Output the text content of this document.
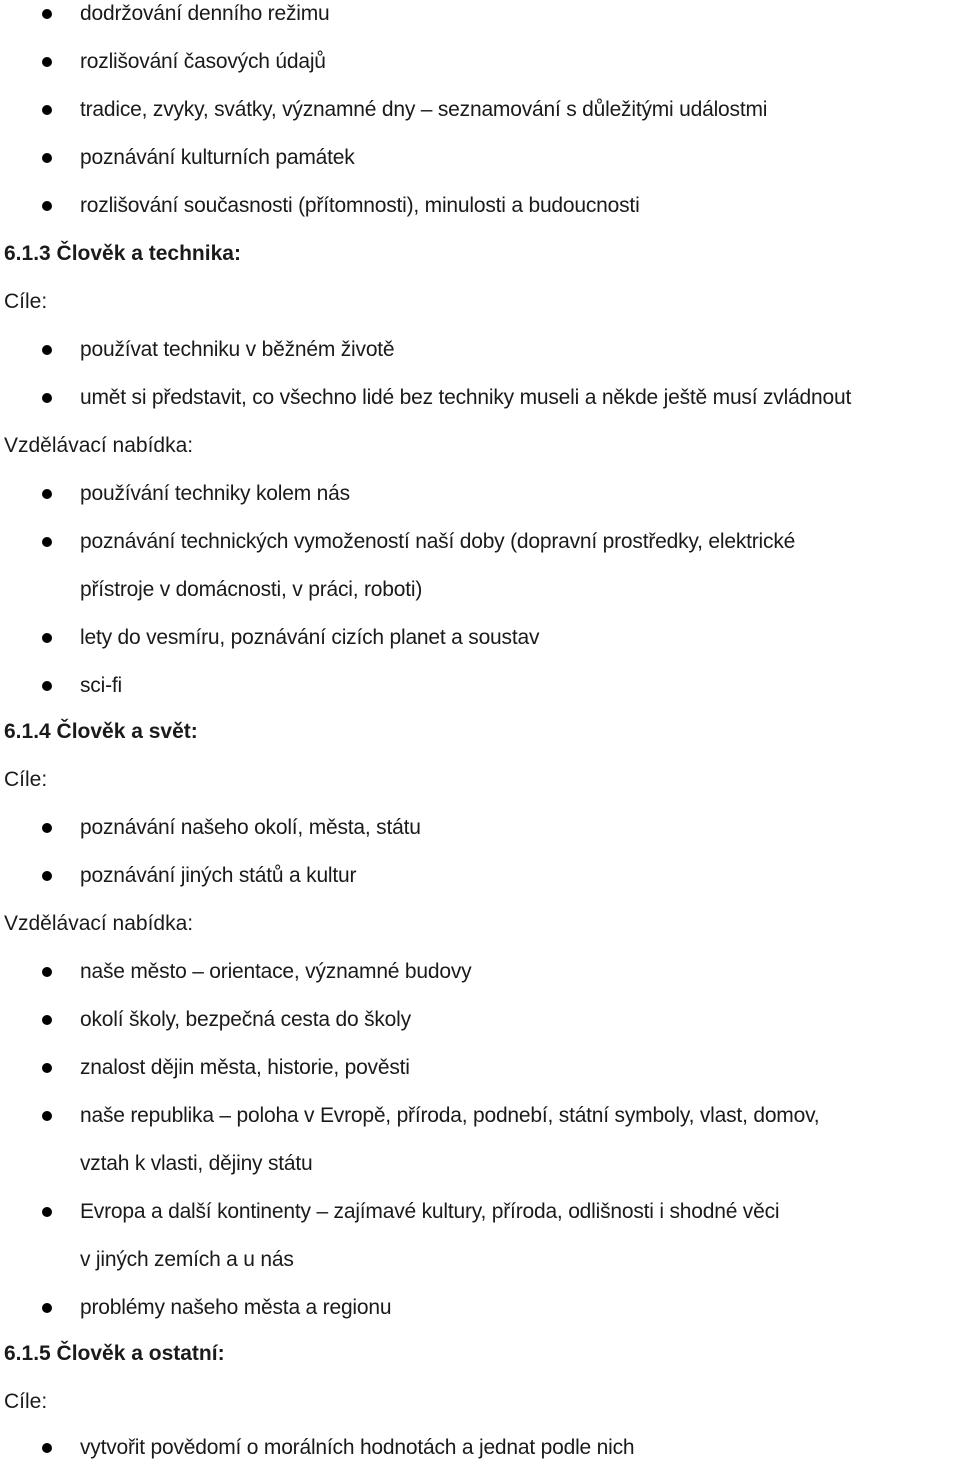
dodržování denního režimu
rozlišování časových údajů
tradice, zvyky, svátky, významné dny – seznamování s důležitými událostmi
poznávání kulturních památek
rozlišování současnosti (přítomnosti), minulosti a budoucnosti
6.1.3 Člověk a technika:
Cíle:
používat techniku v běžném životě
umět si představit, co všechno lidé bez techniky museli a někde ještě musí zvládnout
Vzdělávací nabídka:
používání techniky kolem nás
poznávání technických vymožeností naší doby (dopravní prostředky, elektrické
přístroje v domácnosti, v práci, roboti)
lety do vesmíru, poznávání cizích planet a soustav
sci-fi
6.1.4 Člověk a svět:
Cíle:
poznávání našeho okolí, města, státu
poznávání jiných států a kultur
Vzdělávací nabídka:
naše město – orientace, významné budovy
okolí školy, bezpečná cesta do školy
znalost dějin města, historie, pověsti
naše republika – poloha v Evropě, příroda, podnebí, státní symboly, vlast, domov,
vztah k vlasti, dějiny státu
Evropa a další kontinenty – zajímavé kultury, příroda, odlišnosti i shodné věci
v jiných zemích a u nás
problémy našeho města a regionu
6.1.5 Člověk a ostatní:
Cíle:
vytvořit povědomí o morálních hodnotách a jednat podle nich
